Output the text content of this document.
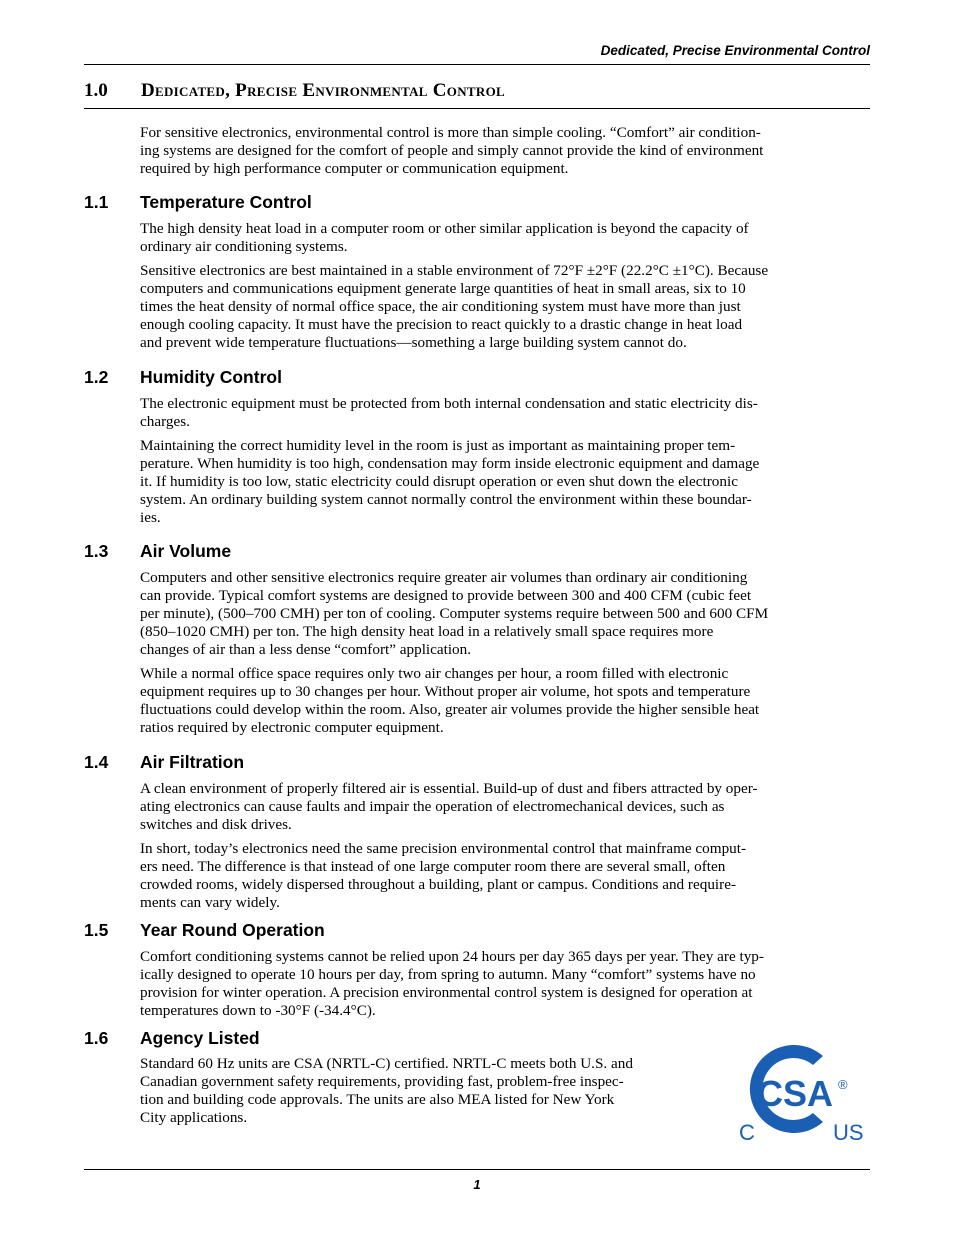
Dedicated, Precise Environmental Control
1.0 Dedicated, Precise Environmental Control
For sensitive electronics, environmental control is more than simple cooling. “Comfort” air condition-
ing systems are designed for the comfort of people and simply cannot provide the kind of environment
required by high performance computer or communication equipment.
1.1 Temperature Control
The high density heat load in a computer room or other similar application is beyond the capacity of
ordinary air conditioning systems.
Sensitive electronics are best maintained in a stable environment of 72°F ±2°F (22.2°C ±1°C). Because
computers and communications equipment generate large quantities of heat in small areas, six to 10
times the heat density of normal office space, the air conditioning system must have more than just
enough cooling capacity. It must have the precision to react quickly to a drastic change in heat load
and prevent wide temperature fluctuations—something a large building system cannot do.
1.2 Humidity Control
The electronic equipment must be protected from both internal condensation and static electricity dis-
charges.
Maintaining the correct humidity level in the room is just as important as maintaining proper tem-
perature. When humidity is too high, condensation may form inside electronic equipment and damage
it. If humidity is too low, static electricity could disrupt operation or even shut down the electronic
system. An ordinary building system cannot normally control the environment within these boundar-
ies.
1.3 Air Volume
Computers and other sensitive electronics require greater air volumes than ordinary air conditioning
can provide. Typical comfort systems are designed to provide between 300 and 400 CFM (cubic feet
per minute), (500–700 CMH) per ton of cooling. Computer systems require between 500 and 600 CFM
(850–1020 CMH) per ton. The high density heat load in a relatively small space requires more
changes of air than a less dense “comfort” application.
While a normal office space requires only two air changes per hour, a room filled with electronic
equipment requires up to 30 changes per hour. Without proper air volume, hot spots and temperature
fluctuations could develop within the room. Also, greater air volumes provide the higher sensible heat
ratios required by electronic computer equipment.
1.4 Air Filtration
A clean environment of properly filtered air is essential. Build-up of dust and fibers attracted by oper-
ating electronics can cause faults and impair the operation of electromechanical devices, such as
switches and disk drives.
In short, today’s electronics need the same precision environmental control that mainframe comput-
ers need. The difference is that instead of one large computer room there are several small, often
crowded rooms, widely dispersed throughout a building, plant or campus. Conditions and require-
ments can vary widely.
1.5 Year Round Operation
Comfort conditioning systems cannot be relied upon 24 hours per day 365 days per year. They are typ-
ically designed to operate 10 hours per day, from spring to autumn. Many “comfort” systems have no
provision for winter operation. A precision environmental control system is designed for operation at
temperatures down to -30°F (-34.4°C).
1.6 Agency Listed
Standard 60 Hz units are CSA (NRTL-C) certified. NRTL-C meets both U.S. and
Canadian government safety requirements, providing fast, problem-free inspec-
tion and building code approvals. The units are also MEA listed for New York
City applications.
CSA ®
C	US
1
